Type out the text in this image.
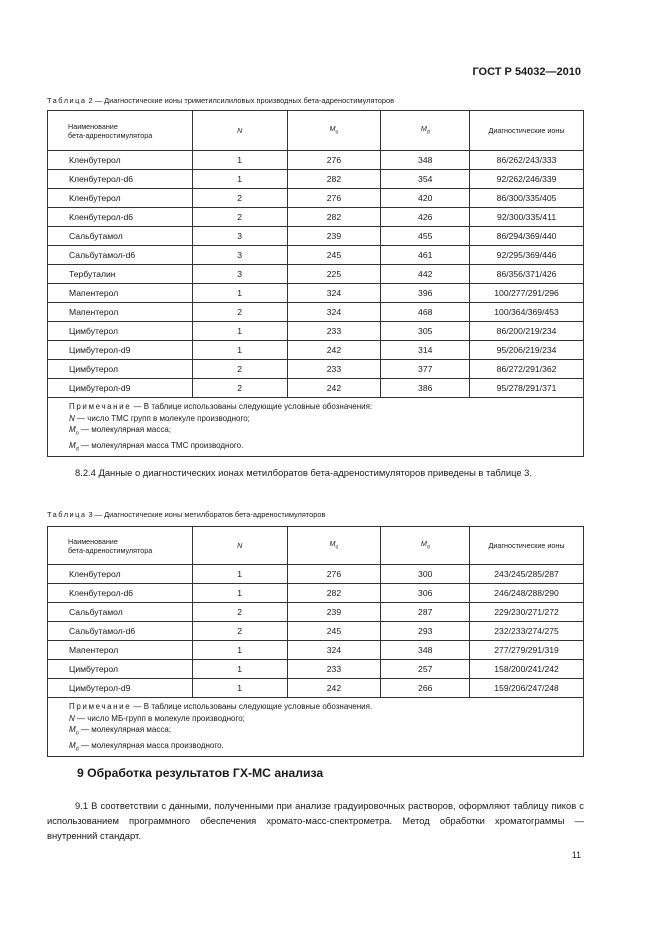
ГОСТ Р 54032—2010
Таблица 2 — Диагностические ионы триметилсилиловых производных бета-адреностимуляторов
Наименование
бета-адреностимулятора	N	$M_o$	$M_d$	Диагностические ионы
Кленбутерол	1	276	348	86/262/243/333
Кленбутерол-d6	1	282	354	92/262/246/339
Кленбутерол	2	276	420	86/300/335/405
Кленбутерол-d6	2	282	426	92/300/335/411
Сальбутамол	3	239	455	86/294/369/440
Сальбутамол-d6	3	245	461	92/295/369/446
Тербуталин	3	225	442	86/356/371/426
Мапентерол	1	324	396	100/277/291/296
Мапентерол	2	324	468	100/364/369/453
Цимбутерол	1	233	305	86/200/219/234
Цимбутерол-d9	1	242	314	95/206/219/234
Цимбутерол	2	233	377	86/272/291/362
Цимбутерол-d9	2	242	386	95/278/291/371
Примечание — В таблице использованы следующие условные обозначения:
N — число ТМС групп в молекуле производного;
$M_o$ — молекулярная масса;
$M_d$ — молекулярная масса ТМС производного.				
8.2.4 Данные о диагностических ионах метилборатов бета-адреностимуляторов приведены в таблице 3.
Таблица 3 — Диагностические ионы метилборатов бета-адреностимуляторов
Наименование
бета-адреностимулятора	N	$M_o$	$M_d$	Диагностические ионы
Кленбутерол	1	276	300	243/245/285/287
Кленбутерол-d6	1	282	306	246/248/288/290
Сальбутамол	2	239	287	229/230/271/272
Сальбутамол-d6	2	245	293	232/233/274/275
Мапентерол	1	324	348	277/279/291/319
Цимбутерол	1	233	257	158/200/241/242
Цимбутерол-d9	1	242	266	159/206/247/248
Примечание — В таблице использованы следующие условные обозначения.
N — число МБ-групп в молекуле производного;
$M_o$ — молекулярная масса;
$M_d$ — молекулярная масса производного.				
9 Обработка результатов ГХ-МС анализа
9.1 В соответствии с данными, полученными при анализе градуировочных растворов, оформляют таблицу пиков с использованием программного обеспечения хромато-масс-спектрометра. Метод обработки хроматограммы — внутренний стандарт.
11
